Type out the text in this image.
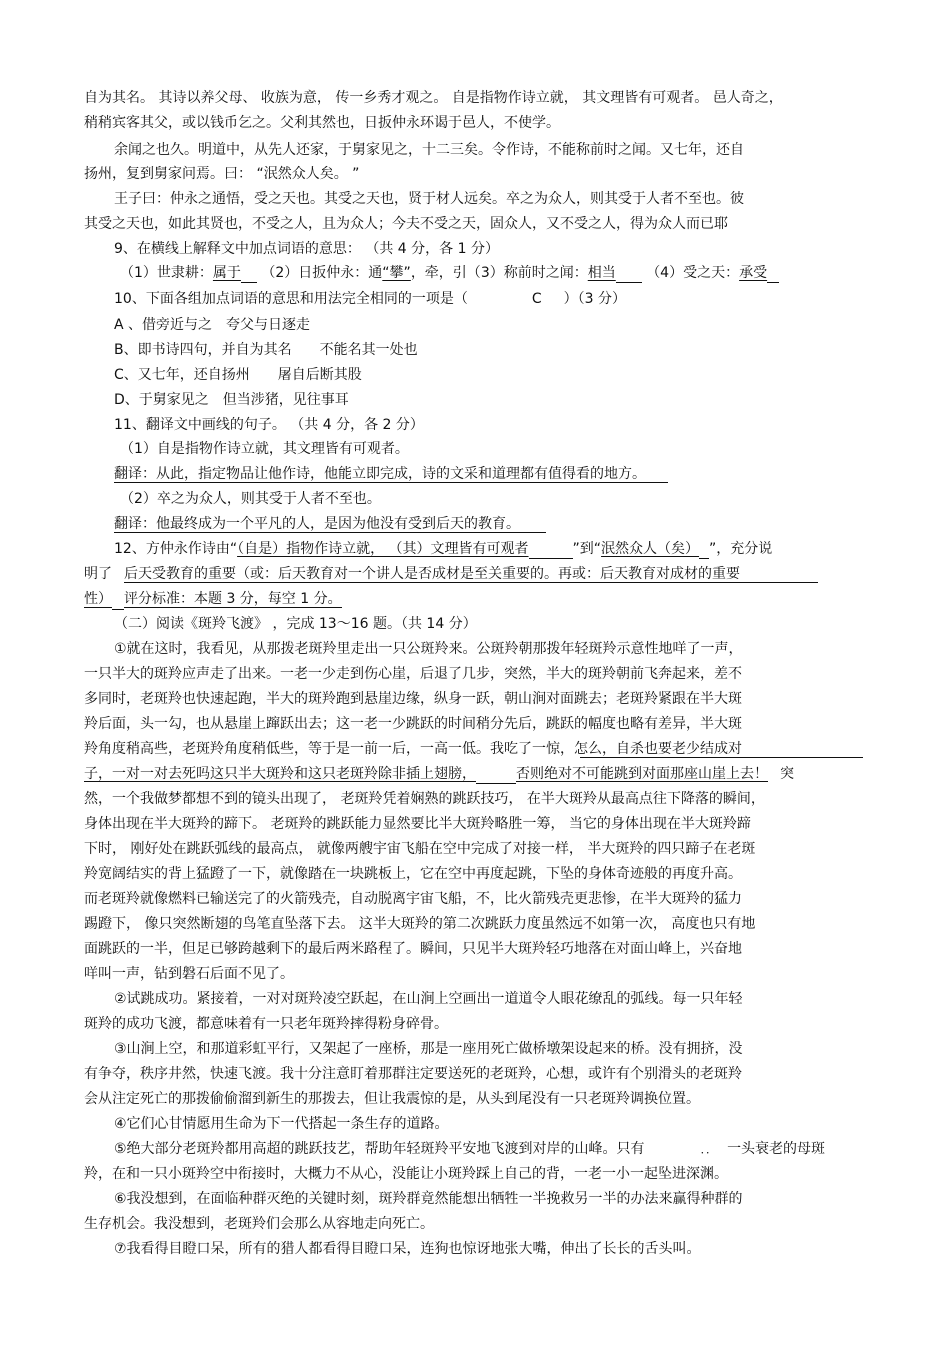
自为其名。 其诗以养父母、 收族为意， 传一乡秀才观之。 自是指物作诗立就， 其文理皆有可观者。 邑人奇之，
稍稍宾客其父，或以钱币乞之。父利其然也，日扳仲永环谒于邑人，不使学。
余闻之也久。明道中，从先人还家，于舅家见之，十二三矣。令作诗，不能称前时之闻。又七年，还自
扬州，复到舅家问焉。曰： “泯然众人矣。 ”
王子曰：仲永之通悟，受之天也。其受之天也，贤于材人远矣。卒之为众人，则其受于人者不至也。彼
其受之天也，如此其贤也，不受之人，且为众人；今夫不受之天，固众人，又不受之人，得为众人而已耶
9、在横线上解释文中加点词语的意思： （共 4 分，各 1 分）
（1）世隶耕：属于 （2）日扳仲永：通“攀”，牵，引（3）称前时之闻：相当 （4）受之天：承受
10、下面各组加点词语的意思和用法完全相同的一项是（	C ）（3 分）
A 、借旁近与之　夸父与日逐走
B、即书诗四句，并自为其名　　不能名其一处也
C、又七年，还自扬州　　屠自后断其股
D、于舅家见之　但当涉猪，见往事耳
11、翻译文中画线的句子。 （共 4 分，各 2 分）
（1）自是指物作诗立就，其文理皆有可观者。
翻译：从此，指定物品让他作诗，他能立即完成，诗的文采和道理都有值得看的地方。
（2）卒之为众人，则其受于人者不至也。
翻译：他最终成为一个平凡的人，是因为他没有受到后天的教育。
12、方仲永作诗由“（自是）指物作诗立就， （其）文理皆有可观者	”到“泯然众人（矣） ”，充分说
明了 后天受教育的重要（或：后天教育对一个讲人是否成材是至关重要的。再或：后天教育对成材的重要
性） 评分标准：本题 3 分，每空 1 分。
（二）阅读《斑羚飞渡》 ，完成 13～16 题。（共 14 分）
①就在这时，我看见，从那拨老斑羚里走出一只公斑羚来。公斑羚朝那拨年轻斑羚示意性地咩了一声，
一只半大的斑羚应声走了出来。一老一少走到伤心崖，后退了几步，突然，半大的斑羚朝前飞奔起来，差不
多同时，老斑羚也快速起跑，半大的斑羚跑到悬崖边缘，纵身一跃，朝山涧对面跳去；老斑羚紧跟在半大斑
羚后面，头一勾，也从悬崖上蹿跃出去；这一老一少跳跃的时间稍分先后，跳跃的幅度也略有差异，半大斑
羚角度稍高些，老斑羚角度稍低些，等于是一前一后，一高一低。我吃了一惊，怎么，自杀也要老少结成对
子，一对一对去死吗这只半大斑羚和这只老斑羚除非插上翅膀，	否则绝对不可能跳到对面那座山崖上去！ 突
然，一个我做梦都想不到的镜头出现了， 老斑羚凭着娴熟的跳跃技巧， 在半大斑羚从最高点往下降落的瞬间，
身体出现在半大斑羚的蹄下。 老斑羚的跳跃能力显然要比半大斑羚略胜一筹， 当它的身体出现在半大斑羚蹄
下时， 刚好处在跳跃弧线的最高点， 就像两艘宇宙飞船在空中完成了对接一样， 半大斑羚的四只蹄子在老斑
羚宽阔结实的背上猛蹬了一下，就像踏在一块跳板上，它在空中再度起跳，下坠的身体奇迹般的再度升高。
而老斑羚就像燃料已输送完了的火箭残壳，自动脱离宇宙飞船，不，比火箭残壳更悲惨，在半大斑羚的猛力
踢蹬下， 像只突然断翅的鸟笔直坠落下去。 这半大斑羚的第二次跳跃力度虽然远不如第一次， 高度也只有地
面跳跃的一半，但足已够跨越剩下的最后两米路程了。瞬间，只见半大斑羚轻巧地落在对面山峰上，兴奋地
咩叫一声，钻到磐石后面不见了。
②试跳成功。紧接着，一对对斑羚凌空跃起，在山涧上空画出一道道令人眼花缭乱的弧线。每一只年轻
斑羚的成功飞渡，都意味着有一只老年斑羚摔得粉身碎骨。
③山涧上空，和那道彩虹平行，又架起了一座桥，那是一座用死亡做桥墩架设起来的桥。没有拥挤，没
有争夺，秩序井然，快速飞渡。我十分注意盯着那群注定要送死的老斑羚，心想，或许有个别滑头的老斑羚
会从注定死亡的那拨偷偷溜到新生的那拨去，但让我震惊的是，从头到尾没有一只老斑羚调换位置。
④它们心甘情愿用生命为下一代搭起一条生存的道路。
⑤绝大部分老斑羚都用高超的跳跃技艺，帮助年轻斑羚平安地飞渡到对岸的山峰。只有	．． 一头衰老的母斑
羚，在和一只小斑羚空中衔接时，大概力不从心，没能让小斑羚踩上自己的背，一老一小一起坠进深渊。
⑥我没想到，在面临种群灭绝的关键时刻，斑羚群竟然能想出牺牲一半挽救另一半的办法来赢得种群的
生存机会。我没想到，老斑羚们会那么从容地走向死亡。
⑦我看得目瞪口呆，所有的猎人都看得目瞪口呆，连狗也惊讶地张大嘴，伸出了长长的舌头叫。
